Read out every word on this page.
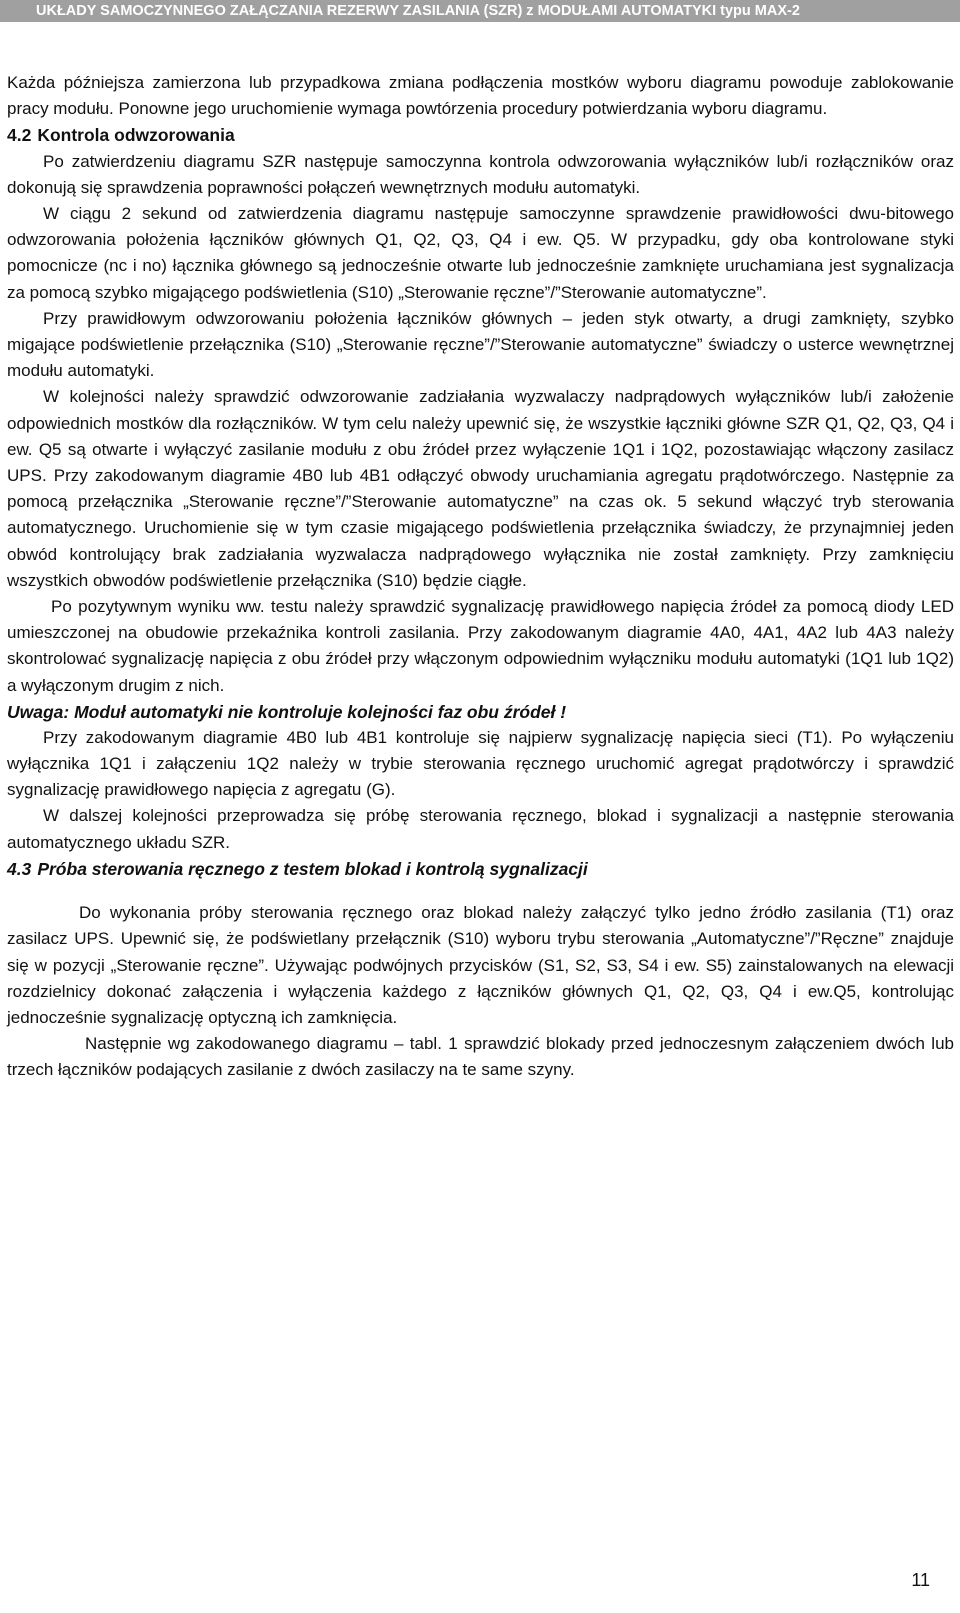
UKŁADY SAMOCZYNNEGO ZAŁĄCZANIA REZERWY ZASILANIA (SZR) z MODUŁAMI AUTOMATYKI typu MAX-2

Każda późniejsza zamierzona lub przypadkowa zmiana podłączenia mostków wyboru diagramu powoduje zablokowanie pracy modułu. Ponowne jego uruchomienie wymaga powtórzenia procedury potwierdzania wyboru diagramu.

4.2 Kontrola odwzorowania

Po zatwierdzeniu diagramu SZR następuje samoczynna kontrola odwzorowania wyłączników lub/i rozłączników oraz dokonują się sprawdzenia poprawności połączeń wewnętrznych modułu automatyki.

W ciągu 2 sekund od zatwierdzenia diagramu następuje samoczynne sprawdzenie prawidłowości dwu-bitowego odwzorowania położenia łączników głównych Q1, Q2, Q3, Q4 i ew. Q5. W przypadku, gdy oba kontrolowane styki pomocnicze (nc i no) łącznika głównego są jednocześnie otwarte lub jednocześnie zamknięte uruchamiana jest sygnalizacja za pomocą szybko migającego podświetlenia (S10) „Sterowanie ręczne”/”Sterowanie automatyczne”.

Przy prawidłowym odwzorowaniu położenia łączników głównych – jeden styk otwarty, a drugi zamknięty, szybko migające podświetlenie przełącznika (S10) „Sterowanie ręczne”/”Sterowanie automatyczne” świadczy o usterce wewnętrznej modułu automatyki.

W kolejności należy sprawdzić odwzorowanie zadziałania wyzwalaczy nadprądowych wyłączników lub/i założenie odpowiednich mostków dla rozłączników. W tym celu należy upewnić się, że wszystkie łączniki główne SZR Q1, Q2, Q3, Q4 i ew. Q5 są otwarte i wyłączyć zasilanie modułu z obu źródeł przez wyłączenie 1Q1 i 1Q2, pozostawiając włączony zasilacz UPS. Przy zakodowanym diagramie 4B0 lub 4B1 odłączyć obwody uruchamiania agregatu prądotwórczego. Następnie za pomocą przełącznika „Sterowanie ręczne”/”Sterowanie automatyczne” na czas ok. 5 sekund włączyć tryb sterowania automatycznego. Uruchomienie się w tym czasie migającego podświetlenia przełącznika świadczy, że przynajmniej jeden obwód kontrolujący brak zadziałania wyzwalacza nadprądowego wyłącznika nie został zamknięty. Przy zamknięciu wszystkich obwodów podświetlenie przełącznika (S10) będzie ciągłe.

Po pozytywnym wyniku ww. testu należy sprawdzić sygnalizację prawidłowego napięcia źródeł za pomocą diody LED umieszczonej na obudowie przekaźnika kontroli zasilania. Przy zakodowanym diagramie 4A0, 4A1, 4A2 lub 4A3 należy skontrolować sygnalizację napięcia z obu źródeł przy włączonym odpowiednim wyłączniku modułu automatyki (1Q1 lub 1Q2) a wyłączonym drugim z nich.

Uwaga: Moduł automatyki nie kontroluje kolejności faz obu źródeł !

Przy zakodowanym diagramie 4B0 lub 4B1 kontroluje się najpierw sygnalizację napięcia sieci (T1). Po wyłączeniu wyłącznika 1Q1 i załączeniu 1Q2 należy w trybie sterowania ręcznego uruchomić agregat prądotwórczy i sprawdzić sygnalizację prawidłowego napięcia z agregatu (G).

W dalszej kolejności przeprowadza się próbę sterowania ręcznego, blokad i sygnalizacji a następnie sterowania automatycznego układu SZR.

4.3 Próba sterowania ręcznego z testem blokad i kontrolą sygnalizacji

Do wykonania próby sterowania ręcznego oraz blokad należy załączyć tylko jedno źródło zasilania (T1) oraz zasilacz UPS. Upewnić się, że podświetlany przełącznik (S10) wyboru trybu sterowania „Automatyczne”/”Ręczne” znajduje się w pozycji „Sterowanie ręczne”. Używając podwójnych przycisków (S1, S2, S3, S4 i ew. S5) zainstalowanych na elewacji rozdzielnicy dokonać załączenia i wyłączenia każdego z łączników głównych Q1, Q2, Q3, Q4 i ew.Q5, kontrolując jednocześnie sygnalizację optyczną ich zamknięcia.

Następnie wg zakodowanego diagramu – tabl. 1 sprawdzić blokady przed jednoczesnym załączeniem dwóch lub trzech łączników podających zasilanie z dwóch zasilaczy na te same szyny.

11
